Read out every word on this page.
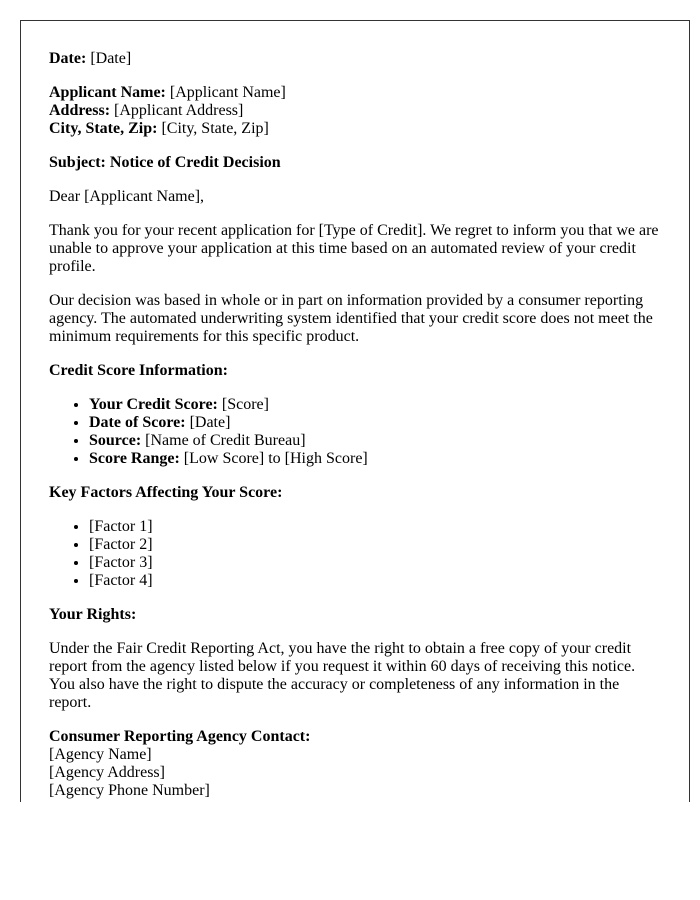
Date: [Date]

Applicant Name: [Applicant Name]
Address: [Applicant Address]
City, State, Zip: [City, State, Zip]

Subject: Notice of Credit Decision

Dear [Applicant Name],

Thank you for your recent application for [Type of Credit]. We regret to inform you that we are unable to approve your application at this time based on an automated review of your credit profile.

Our decision was based in whole or in part on information provided by a consumer reporting agency. The automated underwriting system identified that your credit score does not meet the minimum requirements for this specific product.

Credit Score Information:

• Your Credit Score: [Score]
• Date of Score: [Date]
• Source: [Name of Credit Bureau]
• Score Range: [Low Score] to [High Score]

Key Factors Affecting Your Score:

• [Factor 1]
• [Factor 2]
• [Factor 3]
• [Factor 4]

Your Rights:

Under the Fair Credit Reporting Act, you have the right to obtain a free copy of your credit report from the agency listed below if you request it within 60 days of receiving this notice. You also have the right to dispute the accuracy or completeness of any information in the report.

Consumer Reporting Agency Contact:
[Agency Name]
[Agency Address]
[Agency Phone Number]
